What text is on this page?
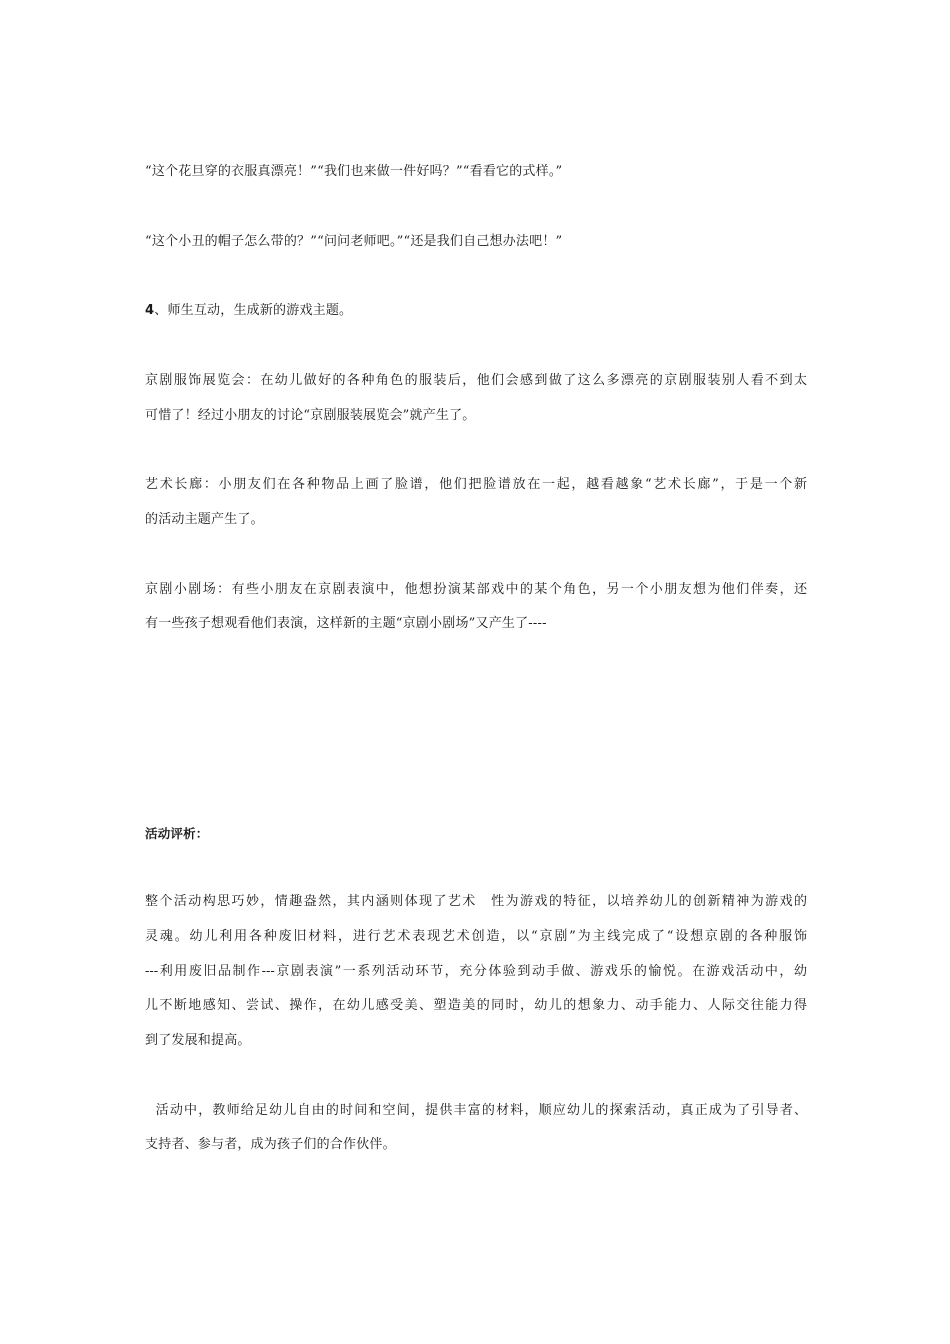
“这个花旦穿的衣服真漂亮！”“我们也来做一件好吗？”“看看它的式样。”

“这个小丑的帽子怎么带的？”“问问老师吧。”“还是我们自己想办法吧！”

4、师生互动，生成新的游戏主题。

京剧服饰展览会：在幼儿做好的各种角色的服装后，他们会感到做了这么多漂亮的京剧服装别人看不到太

可惜了！经过小朋友的讨论“京剧服装展览会”就产生了。

艺术长廊：小朋友们在各种物品上画了脸谱，他们把脸谱放在一起，越看越象“艺术长廊”，于是一个新

的活动主题产生了。

京剧小剧场：有些小朋友在京剧表演中，他想扮演某部戏中的某个角色，另一个小朋友想为他们伴奏，还

有一些孩子想观看他们表演，这样新的主题“京剧小剧场”又产生了----

活动评析：

整个活动构思巧妙，情趣盎然，其内涵则体现了艺术　性为游戏的特征，以培养幼儿的创新精神为游戏的

灵魂。幼儿利用各种废旧材料，进行艺术表现艺术创造，以“京剧”为主线完成了“设想京剧的各种服饰

---利用废旧品制作---京剧表演”一系列活动环节，充分体验到动手做、游戏乐的愉悦。在游戏活动中，幼

儿不断地感知、尝试、操作，在幼儿感受美、塑造美的同时，幼儿的想象力、动手能力、人际交往能力得

到了发展和提高。

活动中，教师给足幼儿自由的时间和空间，提供丰富的材料，顺应幼儿的探索活动，真正成为了引导者、

支持者、参与者，成为孩子们的合作伙伴。
